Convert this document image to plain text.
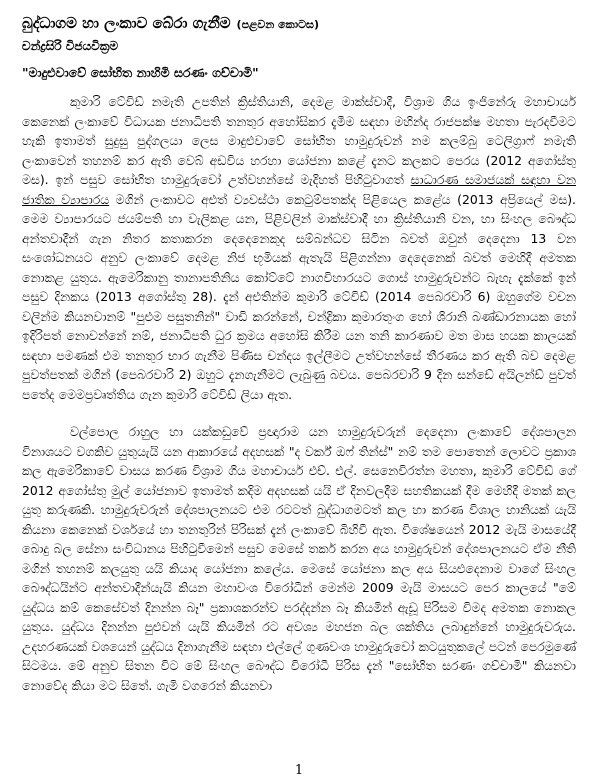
බුද්ධාගම හා ලංකාව බේරා ගැනීම (පළවන කොටස)
චන්ද්‍රසිරි විජයවික්‍රම
"මාදුළුවාවේ සෝභිත නාහිමි සරණං ගච්චාමි"

කුමාරි ටේවිඩ් නමැති උපතින් ක්‍රිස්තියානි, දෙමළ මාක්ස්වාදී, විශ්‍රාම ගිය ඉංජිනේරු මහාචාර්ය කෙනෙක් ලංකාවේ විධායක ජනාධිපති තනතුර අහෝසිකර දැමීම සඳහා මහින්ද රාජපක්ෂ මහතා පැරදවීමට හැකි ඉතාමත් සුදුසු පුද්ගලයා ලෙස මාදුළුවාවේ සෝභිත හාමුදුරුවන් නම කලම්බු ටෙලිග්‍රාෆ් නමැති ලංකාවෙන් තහනම් කර ඇති වෙබ් අඩවිය හරහා යෝජනා කළේ දැනට කලකට පෙරය (2012 අගෝස්තු මස). ඉන් පසුව සෝභිත හාමුදුරුවෝ උත්වහන්සේ මැදිහත් පිහිටුවාගත් සාධාරණ සමාජයක් සඳහා වන ජාතික ව්‍යාපාරය මගින් ලංකාවට අළුත් ව්‍යවස්ථා කෙටුම්පතක්ද පිළියෙල කළේය (2013 අප්‍රියෙල් මස). මෙම ව්‍යාපාරයට ජයම්පති හා වැලිකළ යන, පිළිවලින් මාක්ස්වාදී හා ක්‍රිස්තියානි වන, හා සිංහල බෞද්ධ අන්තවාදීන් ගැන නිතර කතාකරන දෙදෙනෙකුද සම්බන්ධව සිටින බවත් ඔවුන් දෙදෙනා 13 වන සංශෝධනයට අනුව ලංකාවේ දෙමළ නිජ භූමියක් ඇතැයි පිළිගන්නා දෙදෙනෙක් බවත් මෙහිදී අමතක නොකළ යුතුය. ඇමෙරිකානු තානාපතිනිය කෝට්ටේ නාගවිහාරයට ගොස් හාමුදුරුවන්ට බැහැ දැක්කේ ඉන් පසුව දිනකය (2013 අගෝස්තු 28). දැන් අළුතින්ම කුමාරි ටේවිඩ් (2014 පෙබරවාරි 6) ඔහුගේම වචන වලින්ම කියනවානම් "පුළුම පසුතනින්" වාඩි කරන්නේ, චන්ද්‍රිකා කුමාරතුංග හෝ ශිරානි බණ්ඩාරනායක හෝ ඉදිරිපත් නොවන්නේ නම්, ජනාධිපති ධුර ක්‍රමය අහෝසි කිරීම යන තනි කාරණාව මත මාස හයක කාලයක් සඳහා පමණක් එම තනතුර භාර ගැනීම පිණිස චන්දය ඉල්ලීමට උත්වහන්සේ තීරණය කර ඇති බව දෙමළ පුවත්පතක් මගින් (පෙබරවාරි 2) ඔහුට දැනගැනීමට ලැබුණු බවය. පෙබරවාරි 9 දින සන්ඩේ අයිලන්ඩ් පුවත් පතේද මෙමප්‍රවෘත්තිය ගැන කුමාරි ටේවිඩ් ලියා ඇත.

වල්පොල රාහුල හා යක්කඩුවේ ප්‍රඥාරාම යන හාමුදුරුවරුන් දෙදෙනා ලංකාවේ දේශපාලන විනාශයට වගකිව යුතුයැයි යන ආකාරයේ අදහසක් "ද වර්ක් ඔෆ් තින්ස්" නම් තම පොතෙන් ලොවට ප්‍රකාශ කල ඇමෙරිකාවේ වාසය කරණ විශ්‍රාම ගිය මහාචාර්ය එච්. එල්. සෙනෙවිරත්න මහතා, කුමාරි ටේවිඩ් ගේ 2012 අගෝස්තු මුල් යෝජනාව ඉතාමත් කදිම අදහසක් යයි ඒ දිනවලදීම සහතිකයක් දීම මෙහිදී මතක් කල යුතු කරුණකි. හාමුදුරුවරුන් දේශපාලනයට එම රටටත් බුද්ධාගමටත් කල හා කරණ විශාල හානියක් යැයි කියනා කෙනෙක් වර්ශයේ හා තනතුරින් පිරිසක් දැන් ලංකාවේ බිහිවී ඇත. විශේෂයෙන් 2012 මැයි මාසයේදී බොදු බල සේනා සංවිධානය පිහිටුවීමෙන් පසුව මෙසේ තර්ක කරන අය හාමුදුරුවන් දේශපාලනයට ඒම නීති මගින් තහනම් කලයුතු යයි කියාද යෝජනා කලේය. මෙසේ යෝජනා කල අය සියළුදෙනාම වාගේ සිංහල බෞද්ධයින්ට අන්තවාදීන්යැයි කියන මහාවංශ විරෝධීන් මෙන්ම 2009 මැයි මාසයට පෙර කාලයේ "මේ යුද්ධය කම් කෙසේවත් දිනන්න බෑ" ප්‍රකාශකරන්ව පරද්දන්න බෑ කියමින් ඇඩූ පිරිසම විමද අමතක නොකල යුතුය. යුද්ධය දිනන්න පුළුවන් යැයි කියමින් රට අවශ්‍ය මහජන බල ශක්තිය ලබාදුන්නේ හාමුදුරුවරුය. උදහරණයක් වශයෙන් යුද්ධය දිනාගැනීම සඳහා එල්ලේ ගුණවංශ හාමුදුරුවෝ කටයුතුකලේ පටන් පෙරමුණේ සිටමය. මේ අනුව සිතන විට මේ සිංහල බෞද්ධ විරෝධී පිරිස දැන් "සෝභිත සරණං ගච්චාමි" කියනවා නොවේද කියා මට සිතේ. ගැමි වගරෙන් කියනවා

1
